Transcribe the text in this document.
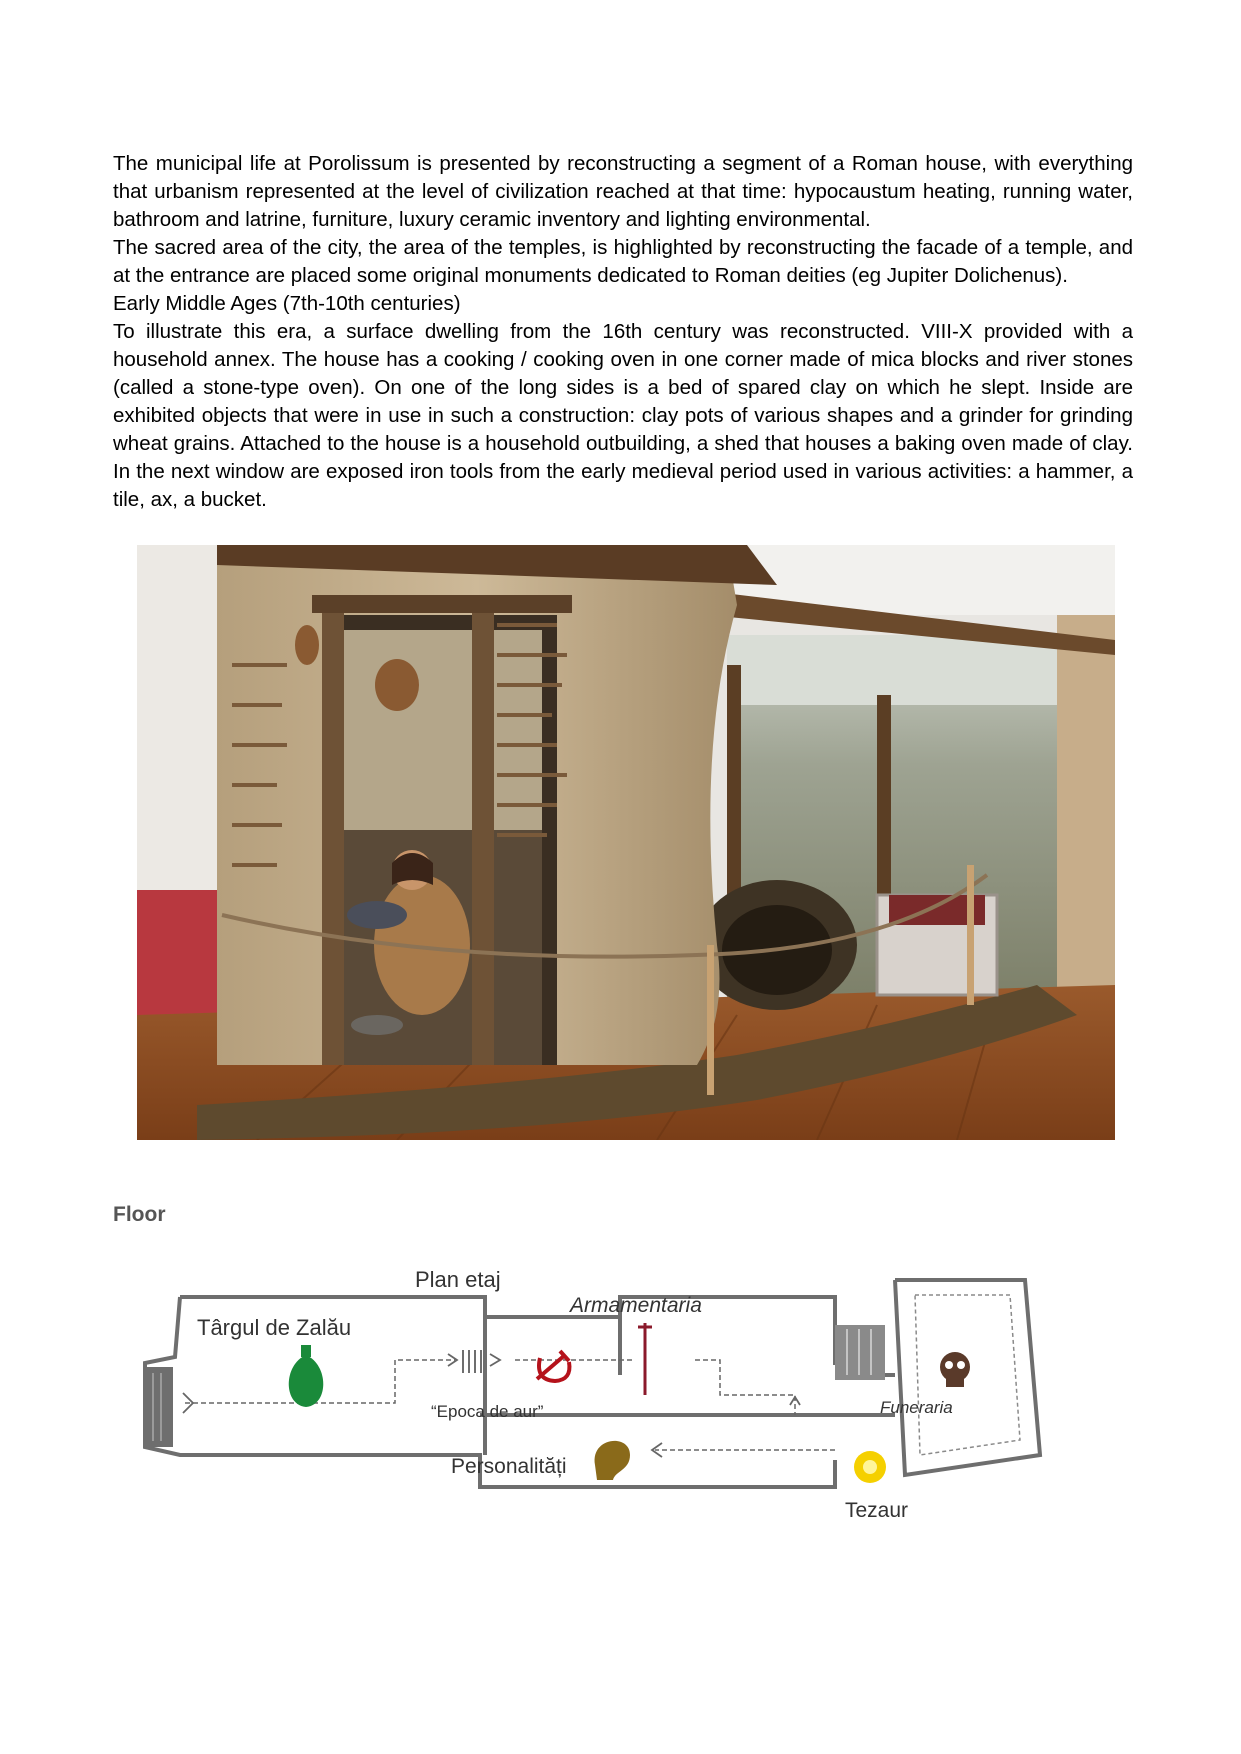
The municipal life at Porolissum is presented by reconstructing a segment of a Roman house, with everything that urbanism represented at the level of civilization reached at that time: hypocaustum heating, running water, bathroom and latrine, furniture, luxury ceramic inventory and lighting environmental.

The sacred area of the city, the area of the temples, is highlighted by reconstructing the facade of a temple, and at the entrance are placed some original monuments dedicated to Roman deities (eg Jupiter Dolichenus).

Early Middle Ages (7th-10th centuries)

To illustrate this era, a surface dwelling from the 16th century was reconstructed. VIII-X provided with a household annex. The house has a cooking / cooking oven in one corner made of mica blocks and river stones (called a stone-type oven). On one of the long sides is a bed of spared clay on which he slept. Inside are exhibited objects that were in use in such a construction: clay pots of various shapes and a grinder for grinding wheat grains. Attached to the house is a household outbuilding, a shed that houses a baking oven made of clay. In the next window are exposed iron tools from the early medieval period used in various activities: a hammer, a tile, ax, a bucket.

Floor
Plan etaj
Târgul de Zalău
Armamentaria
“Epoca de aur”
Personalități
Funeraria
Tezaur
